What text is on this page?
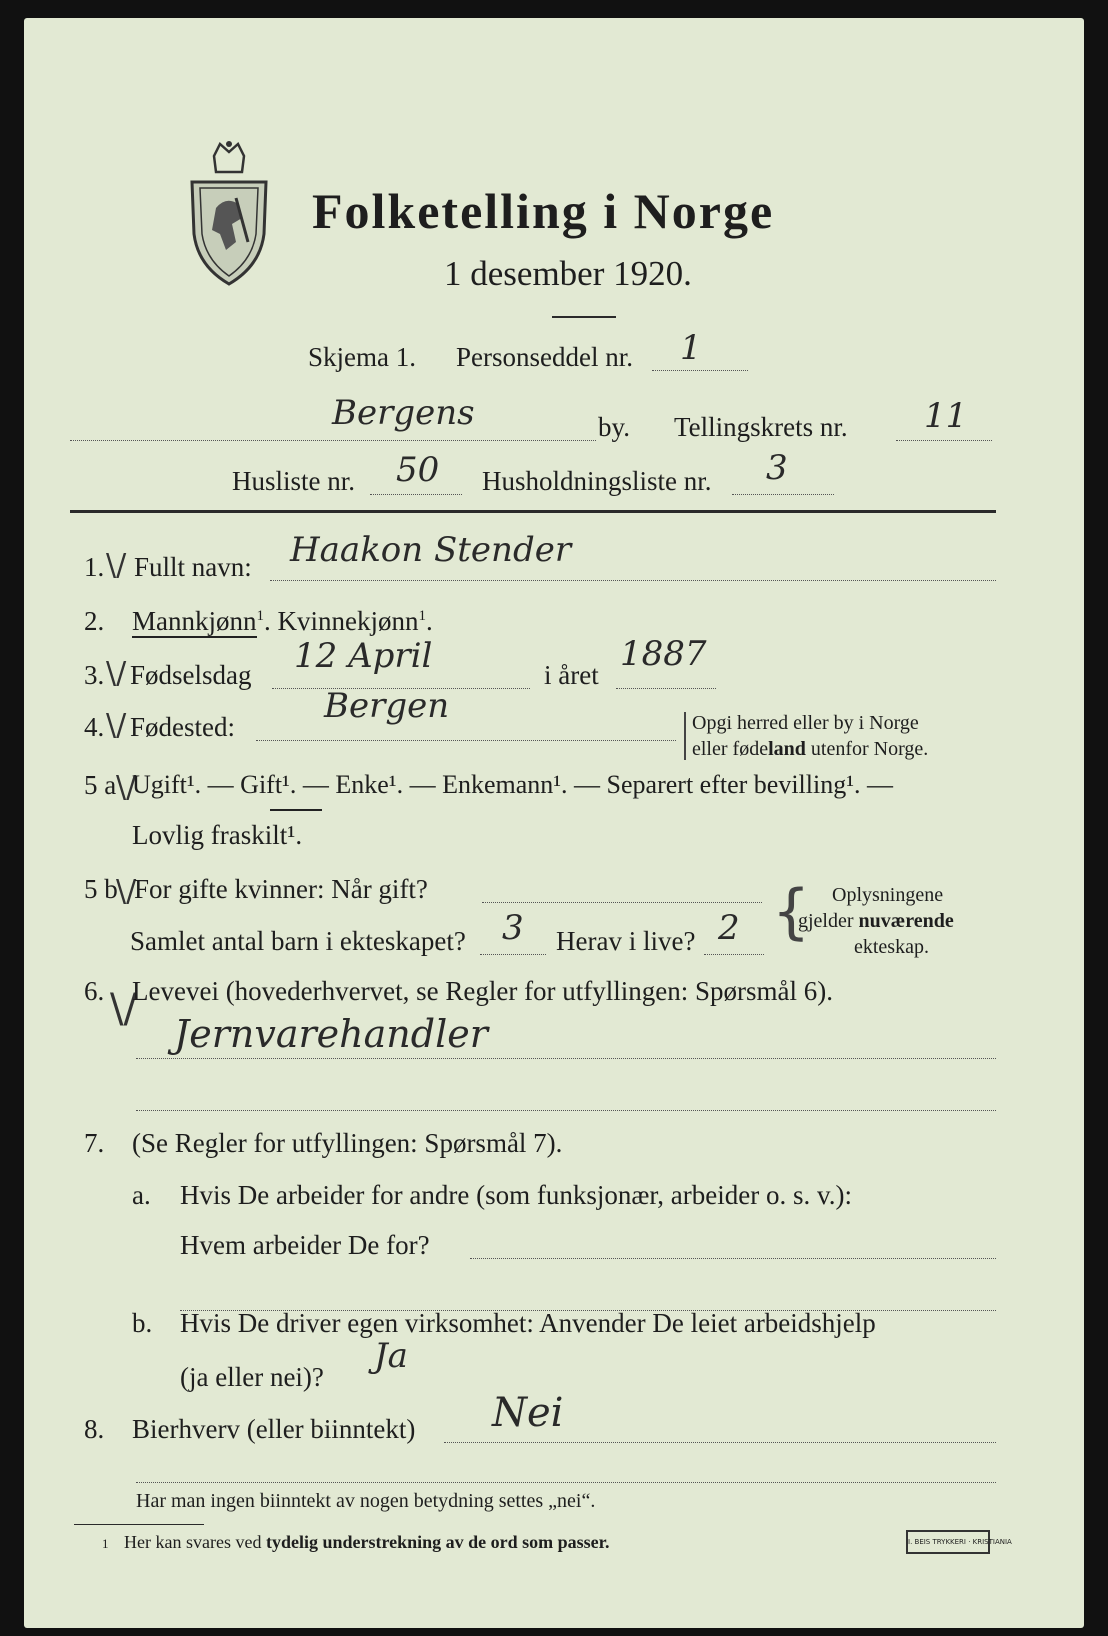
Folketelling i Norge
1 desember 1920.
Skjema 1. Personseddel nr. 1
Bergens	by. Tellingskrets nr. 11
Husliste nr. 50 Husholdningsliste nr. 3
1. \/ Fullt navn: Haakon Stender
2. Mannkjønn$^1$. Kvinnekjønn$^1$.
3. \/ Fødselsdag 12 April	i året
1887
4. \/ Fødested:
Bergen	Opgi herred eller by i Norge
eller fødeland utenfor Norge.
5 a \/
Ugift¹. — Gift¹. — Enke¹. — Enkemann¹. — Separert efter bevilling¹. —
Lovlig fraskilt¹.
5 b
\/
For gifte kvinner: Når gift?
Samlet antal barn i ekteskapet? 3 Herav i live? 2 { Oplysningene
gjelder nuværende
ekteskap.
6. \/
Levevei (hovederhvervet, se Regler for utfyllingen: Spørsmål 6).
Jernvarehandler
7. (Se Regler for utfyllingen: Spørsmål 7).
a. Hvis De arbeider for andre (som funksjonær, arbeider o. s. v.):
Hvem arbeider De for?
b. Hvis De driver egen virksomhet: Anvender De leiet arbeidshjelp
(ja eller nei)?
Ja
8. Bierhverv (eller biinntekt) Nei
Har man ingen biinntekt av nogen betydning settes „nei“.
1 Her kan svares ved tydelig understrekning av de ord som passer.	I. BEIS TRYKKERI · KRISTIANIA
